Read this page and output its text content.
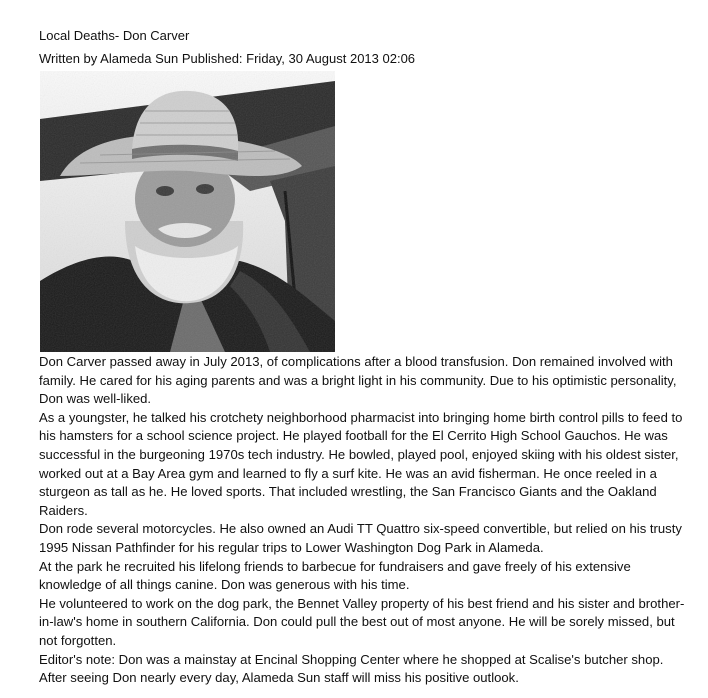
Local Deaths- Don Carver
Written by Alameda Sun Published: Friday, 30 August 2013 02:06

Don Carver passed away in July 2013, of complications after a blood transfusion. Don remained involved with family. He cared for his aging parents and was a bright light in his community. Due to his optimistic personality, Don was well-liked.

As a youngster, he talked his crotchety neighborhood pharmacist into bringing home birth control pills to feed to his hamsters for a school science project. He played football for the El Cerrito High School Gauchos. He was successful in the burgeoning 1970s tech industry. He bowled, played pool, enjoyed skiing with his oldest sister, worked out at a Bay Area gym and learned to fly a surf kite. He was an avid fisherman. He once reeled in a sturgeon as tall as he. He loved sports. That included wrestling, the San Francisco Giants and the Oakland Raiders.

Don rode several motorcycles. He also owned an Audi TT Quattro six-speed convertible, but relied on his trusty 1995 Nissan Pathfinder for his regular trips to Lower Washington Dog Park in Alameda.

At the park he recruited his lifelong friends to barbecue for fundraisers and gave freely of his extensive knowledge of all things canine. Don was generous with his time.

He volunteered to work on the dog park, the Bennet Valley property of his best friend and his sister and brother-in-law's home in southern California. Don could pull the best out of most anyone. He will be sorely missed, but not forgotten.

Editor's note: Don was a mainstay at Encinal Shopping Center where he shopped at Scalise's butcher shop. After seeing Don nearly every day, Alameda Sun staff will miss his positive outlook.
